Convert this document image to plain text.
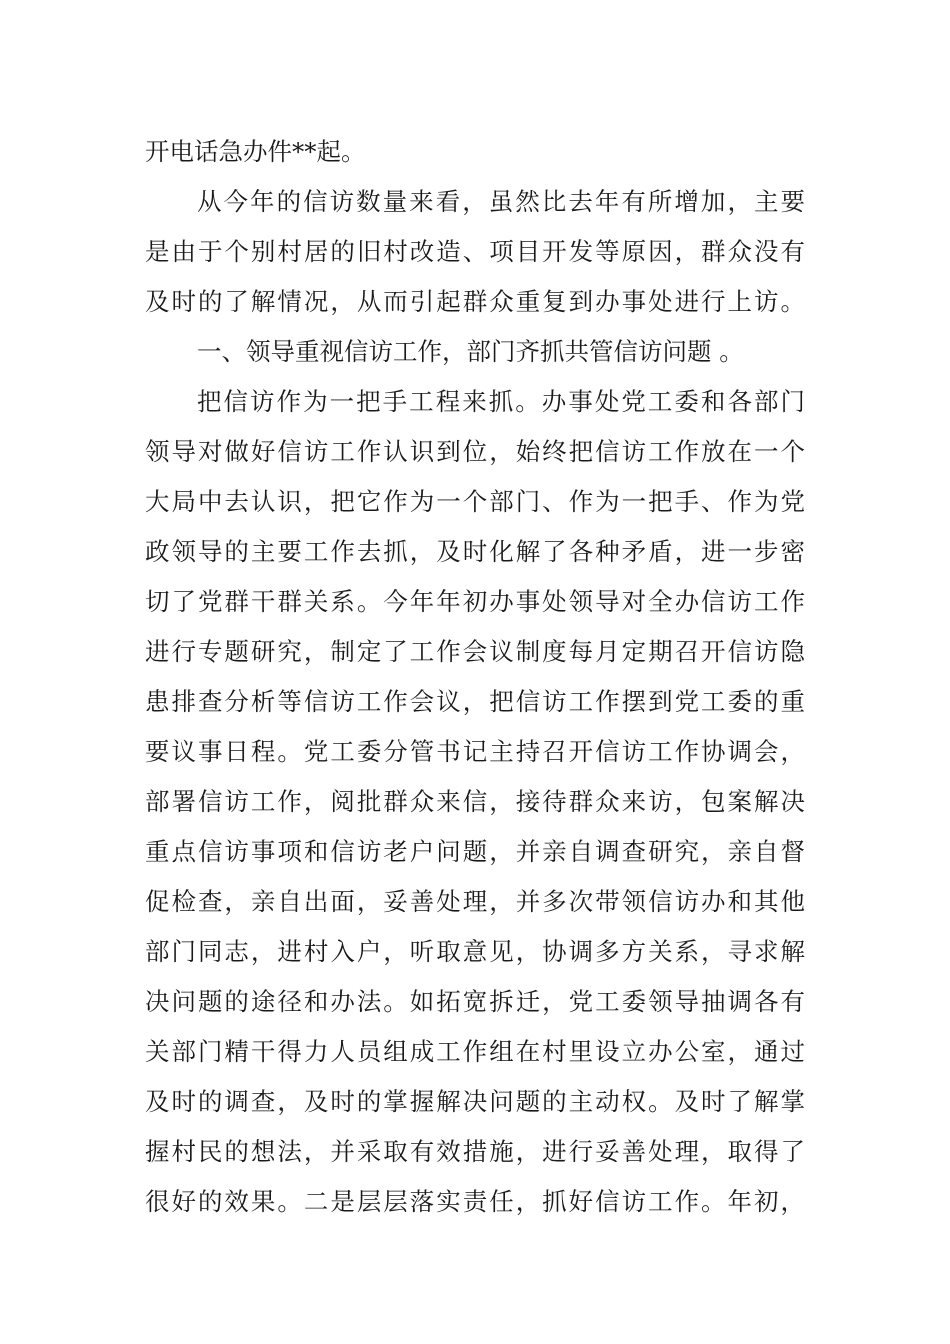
开电话急办件**起。
从今年的信访数量来看，虽然比去年有所增加，主要
是由于个别村居的旧村改造、项目开发等原因，群众没有
及时的了解情况，从而引起群众重复到办事处进行上访。
一、领导重视信访工作，部门齐抓共管信访问题 。
把信访作为一把手工程来抓。办事处党工委和各部门
领导对做好信访工作认识到位，始终把信访工作放在一个
大局中去认识，把它作为一个部门、作为一把手、作为党
政领导的主要工作去抓，及时化解了各种矛盾，进一步密
切了党群干群关系。今年年初办事处领导对全办信访工作
进行专题研究，制定了工作会议制度每月定期召开信访隐
患排查分析等信访工作会议，把信访工作摆到党工委的重
要议事日程。党工委分管书记主持召开信访工作协调会，
部署信访工作，阅批群众来信，接待群众来访，包案解决
重点信访事项和信访老户问题，并亲自调查研究，亲自督
促检查，亲自出面，妥善处理，并多次带领信访办和其他
部门同志，进村入户，听取意见，协调多方关系，寻求解
决问题的途径和办法。如拓宽拆迁，党工委领导抽调各有
关部门精干得力人员组成工作组在村里设立办公室，通过
及时的调查，及时的掌握解决问题的主动权。及时了解掌
握村民的想法，并采取有效措施，进行妥善处理，取得了
很好的效果。二是层层落实责任，抓好信访工作。年初，
